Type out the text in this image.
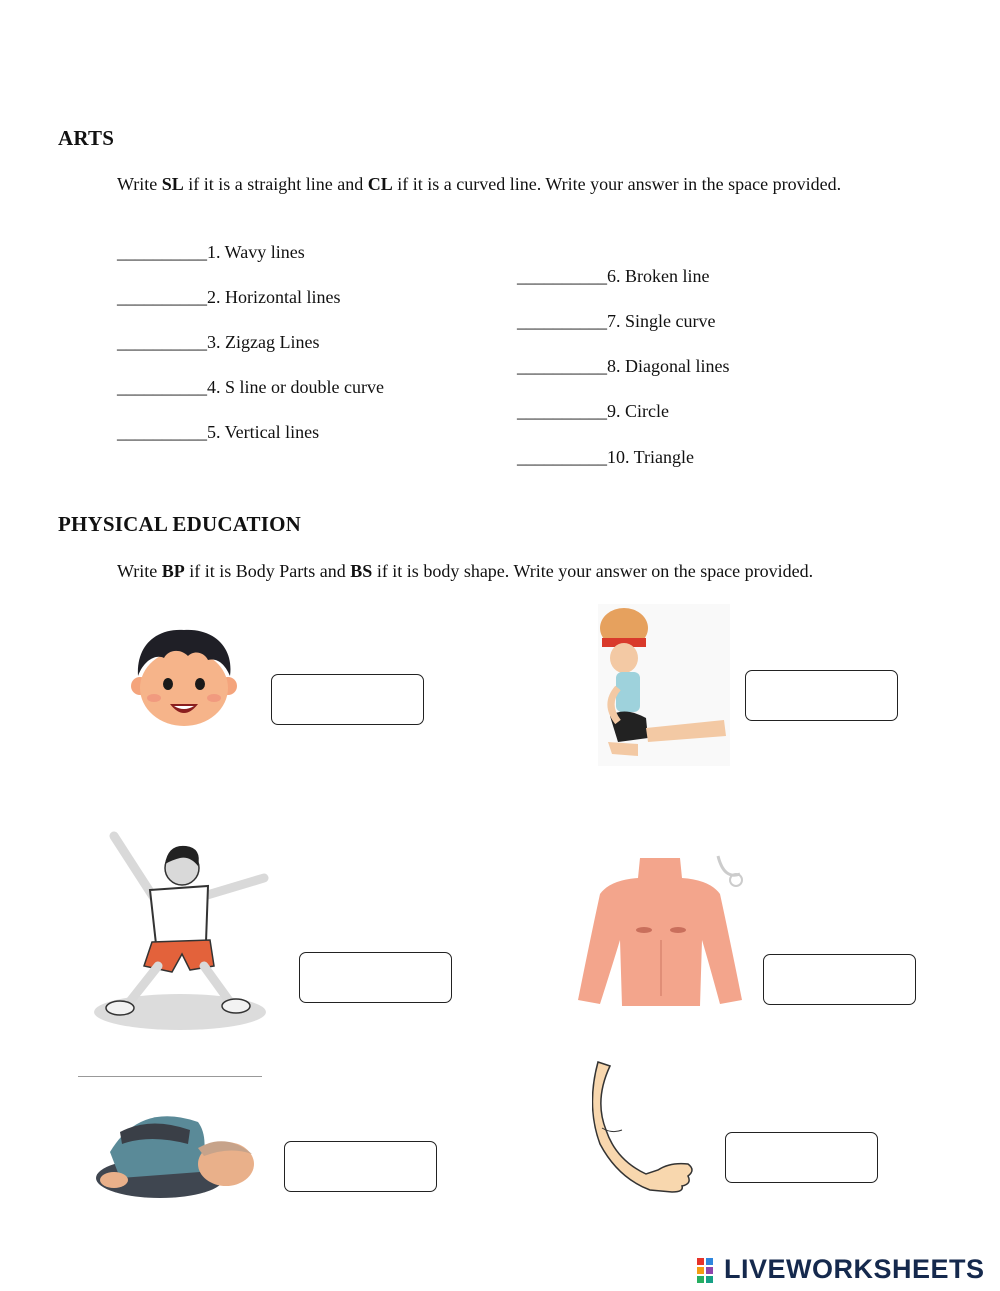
ARTS
Write SL if it is a straight line and CL if it is a curved line. Write your answer in the space provided.
__________1. Wavy lines
__________2. Horizontal lines
__________3. Zigzag Lines
__________4. S line or double curve
__________5. Vertical lines
__________6. Broken line
__________7. Single curve
__________8. Diagonal lines
__________9. Circle
__________10. Triangle
PHYSICAL EDUCATION
Write BP if it is Body Parts and BS if it is body shape. Write your answer on the space provided.
LIVEWORKSHEETS
